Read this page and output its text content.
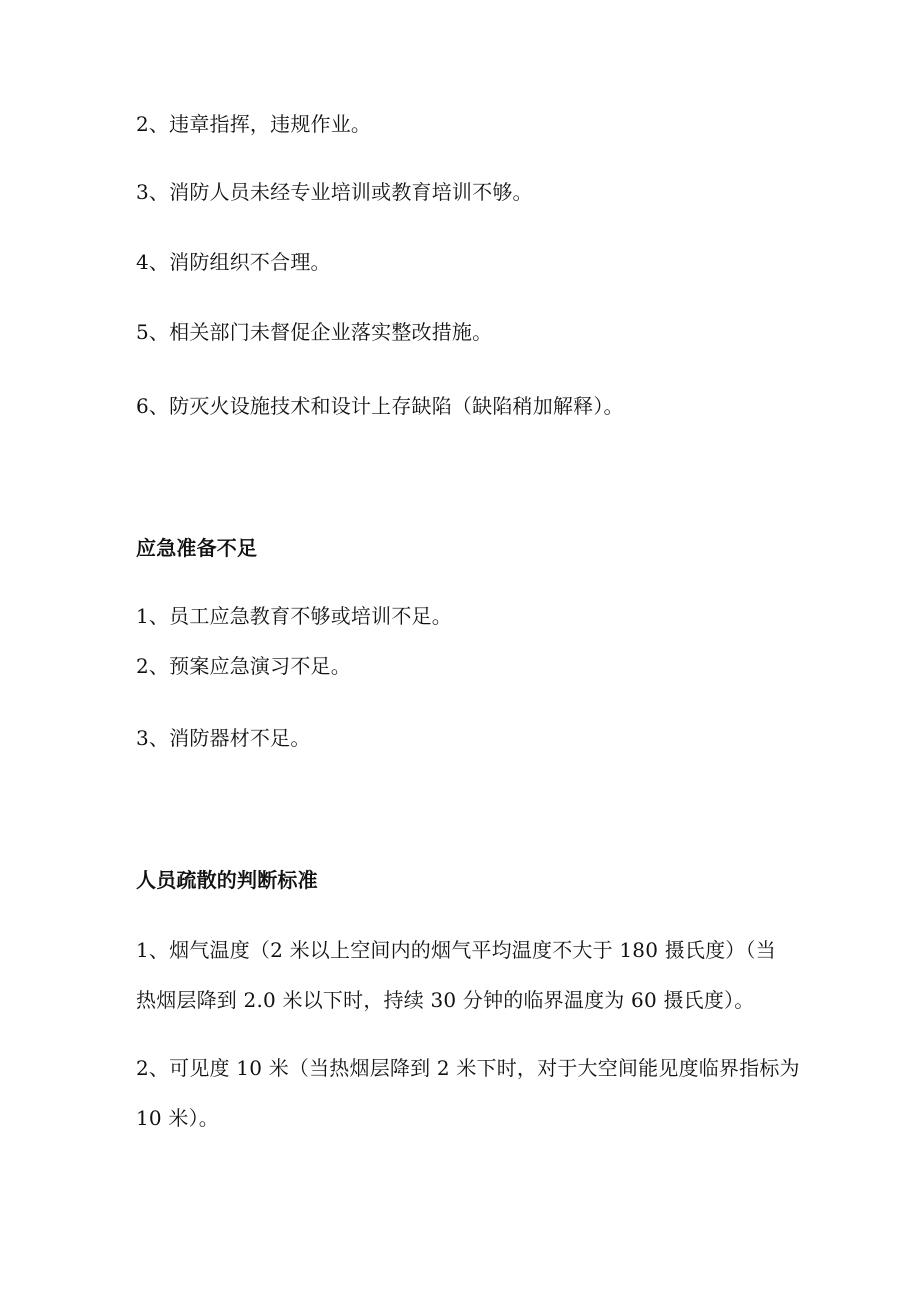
2、违章指挥，违规作业。
3、消防人员未经专业培训或教育培训不够。
4、消防组织不合理。
5、相关部门未督促企业落实整改措施。
6、防灭火设施技术和设计上存缺陷（缺陷稍加解释）。
应急准备不足
1、员工应急教育不够或培训不足。
2、预案应急演习不足。
3、消防器材不足。
人员疏散的判断标准
1、烟气温度（2 米以上空间内的烟气平均温度不大于 180 摄氏度）（当
热烟层降到 2.0 米以下时，持续 30 分钟的临界温度为 60 摄氏度）。
2、可见度 10 米（当热烟层降到 2 米下时，对于大空间能见度临界指标为
10 米）。
